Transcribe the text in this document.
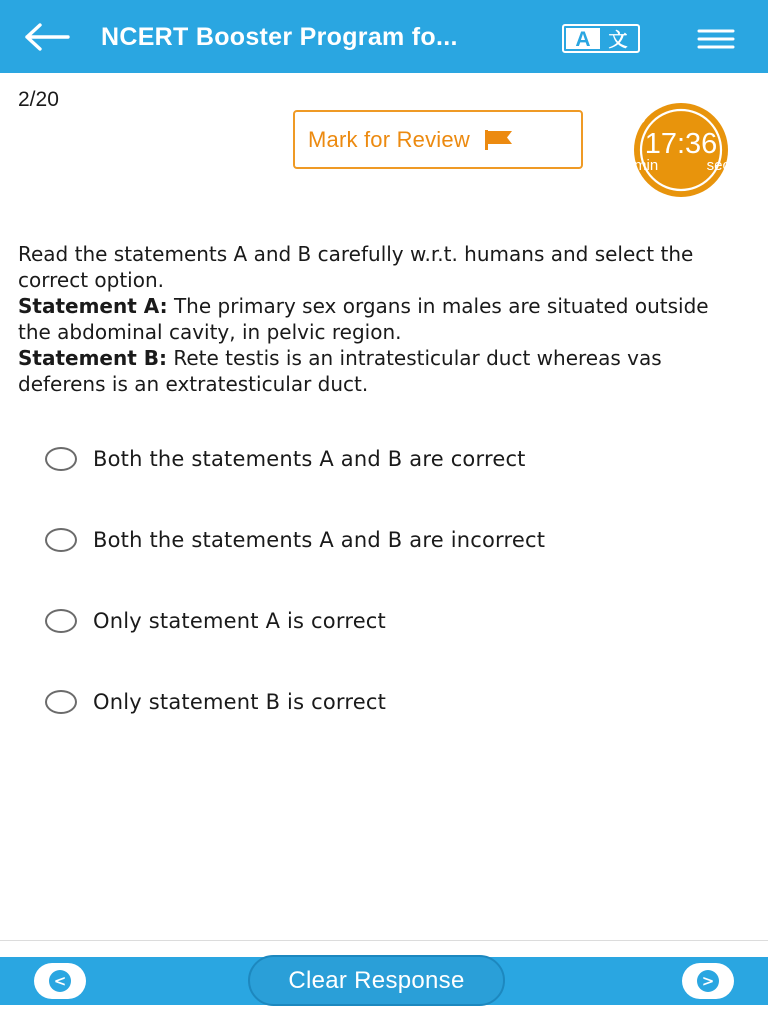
NCERT Booster Program fo...	A 文
2/20
Mark for Review	17:36
min	sec

Read the statements A and B carefully w.r.t. humans and select the correct option.

Statement A: The primary sex organs in males are situated outside the abdominal cavity, in pelvic region.

Statement B: Rete testis is an intratesticular duct whereas vas deferens is an extratesticular duct.

Both the statements A and B are correct
Both the statements A and B are incorrect
Only statement A is correct
Only statement B is correct
<	Clear Response	>
